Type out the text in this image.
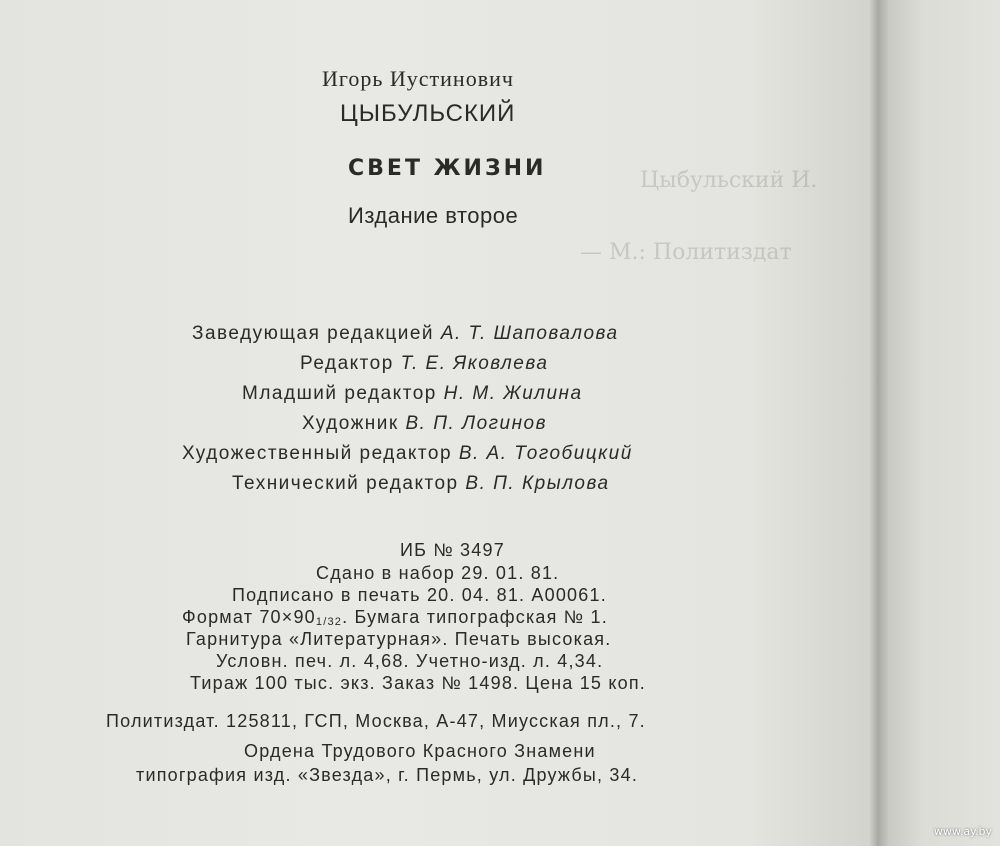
Цыбульский И.
— М.: Политиздат
Игорь Иустинович
ЦЫБУЛЬСКИЙ
СВЕТ ЖИЗНИ
Издание второе
Заведующая редакцией А. Т. Шаповалова
Редактор Т. Е. Яковлева
Младший редактор Н. М. Жилина
Художник В. П. Логинов
Художественный редактор В. А. Тогобицкий
Технический редактор В. П. Крылова
ИБ № 3497
Сдано в набор 29. 01. 81.
Подписано в печать 20. 04. 81. А00061.
Формат 70×901/32. Бумага типографская № 1.
Гарнитура «Литературная». Печать высокая.
Условн. печ. л. 4,68. Учетно-изд. л. 4,34.
Тираж 100 тыс. экз. Заказ № 1498. Цена 15 коп.
Политиздат. 125811, ГСП, Москва, А-47, Миусская пл., 7.
Ордена Трудового Красного Знамени
типография изд. «Звезда», г. Пермь, ул. Дружбы, 34.
www.ay.by
